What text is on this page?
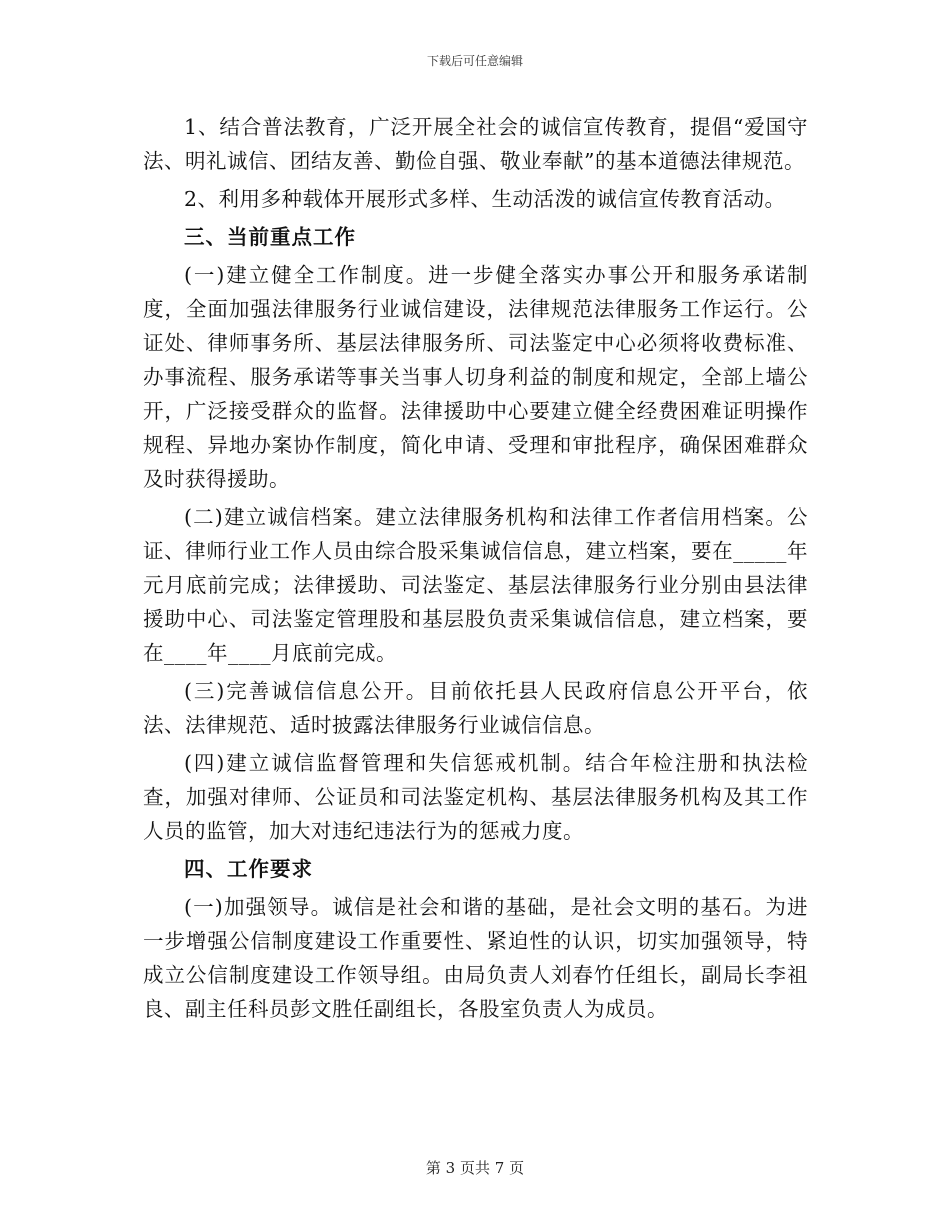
下载后可任意编辑

1、结合普法教育，广泛开展全社会的诚信宣传教育，提倡“爱国守法、明礼诚信、团结友善、勤俭自强、敬业奉献”的基本道德法律规范。

2、利用多种载体开展形式多样、生动活泼的诚信宣传教育活动。

三、当前重点工作

(一)建立健全工作制度。进一步健全落实办事公开和服务承诺制度，全面加强法律服务行业诚信建设，法律规范法律服务工作运行。公证处、律师事务所、基层法律服务所、司法鉴定中心必须将收费标准、办事流程、服务承诺等事关当事人切身利益的制度和规定，全部上墙公开，广泛接受群众的监督。法律援助中心要建立健全经费困难证明操作规程、异地办案协作制度，简化申请、受理和审批程序，确保困难群众及时获得援助。

(二)建立诚信档案。建立法律服务机构和法律工作者信用档案。公证、律师行业工作人员由综合股采集诚信信息，建立档案，要在_____年元月底前完成；法律援助、司法鉴定、基层法律服务行业分别由县法律援助中心、司法鉴定管理股和基层股负责采集诚信信息，建立档案，要在____年____月底前完成。

(三)完善诚信信息公开。目前依托县人民政府信息公开平台，依法、法律规范、适时披露法律服务行业诚信信息。

(四)建立诚信监督管理和失信惩戒机制。结合年检注册和执法检查，加强对律师、公证员和司法鉴定机构、基层法律服务机构及其工作人员的监管，加大对违纪违法行为的惩戒力度。

四、工作要求

(一)加强领导。诚信是社会和谐的基础，是社会文明的基石。为进一步增强公信制度建设工作重要性、紧迫性的认识，切实加强领导，特成立公信制度建设工作领导组。由局负责人刘春竹任组长，副局长李祖良、副主任科员彭文胜任副组长，各股室负责人为成员。

第 3 页共 7 页
